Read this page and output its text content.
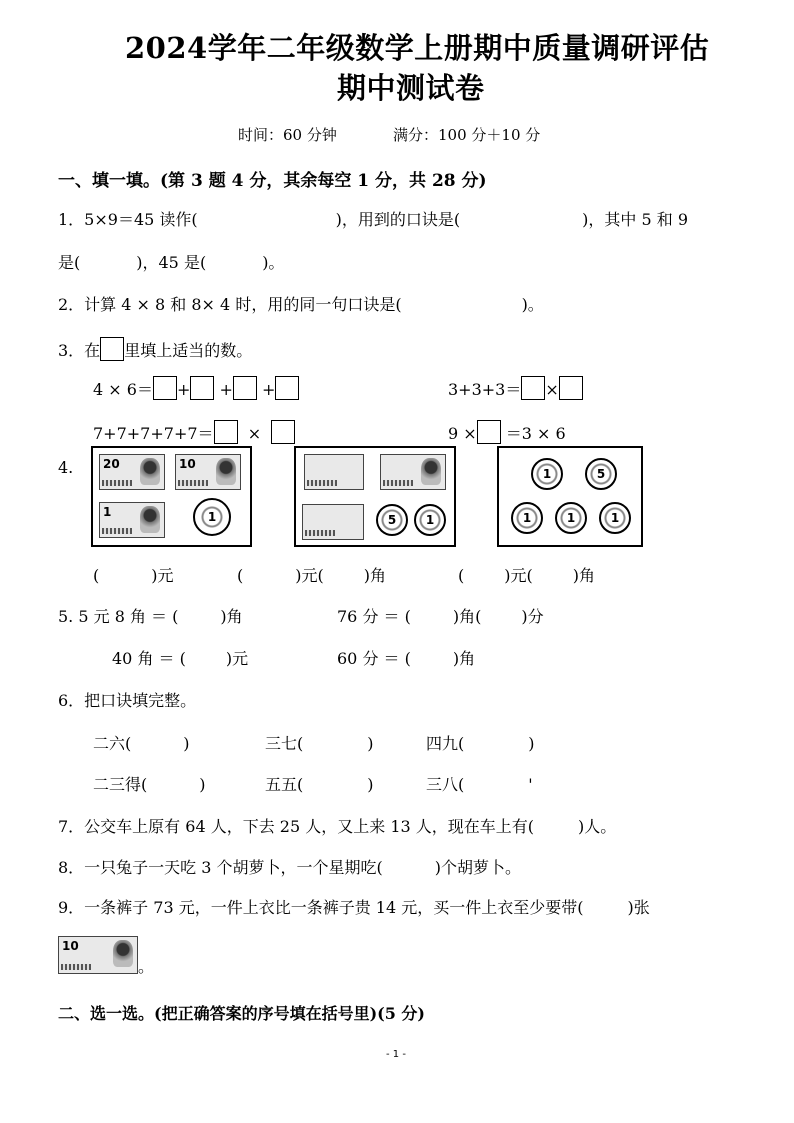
2024学年二年级数学上册期中质量调研评估
期中测试卷
时间：60 分钟	满分：100 分＋10 分
一、填一填。(第 3 题 4 分，其余每空 1 分，共 28 分)
1．5×9＝45 读作(	)，用到的口诀是(	)，其中 5 和 9
是(	)，45 是(	)。
2．计算 4 × 8 和 8× 4 时，用的同一句口诀是(	)。
3．在 里填上适当的数。
4 × 6＝ + + +	3+3+3＝ ×
7+7+7+7+7＝ ×	9 × ＝3 × 6
4. 20	10
1	1	5	1
1	5
1	1	1
(	)元	(	)元(	)角	(	)元(	)角
5. 5 元 8 角 ＝ (	)角	76 分 ＝ (	)角(	)分
40 角 ＝ (	)元	60 分 ＝ (	)角
6．把口诀填完整。
二六(	)	三七(	)	四九(	)
二三得(	)	五五(	)	三八(	'
7．公交车上原有 64 人，下去 25 人，又上来 13 人，现在车上有(	)人。
8．一只兔子一天吃 3 个胡萝卜，一个星期吃(	)个胡萝卜。
9．一条裤子 73 元，一件上衣比一条裤子贵 14 元，买一件上衣至少要带(	)张
10
。
二、选一选。(把正确答案的序号填在括号里)(5 分)
- 1 -
